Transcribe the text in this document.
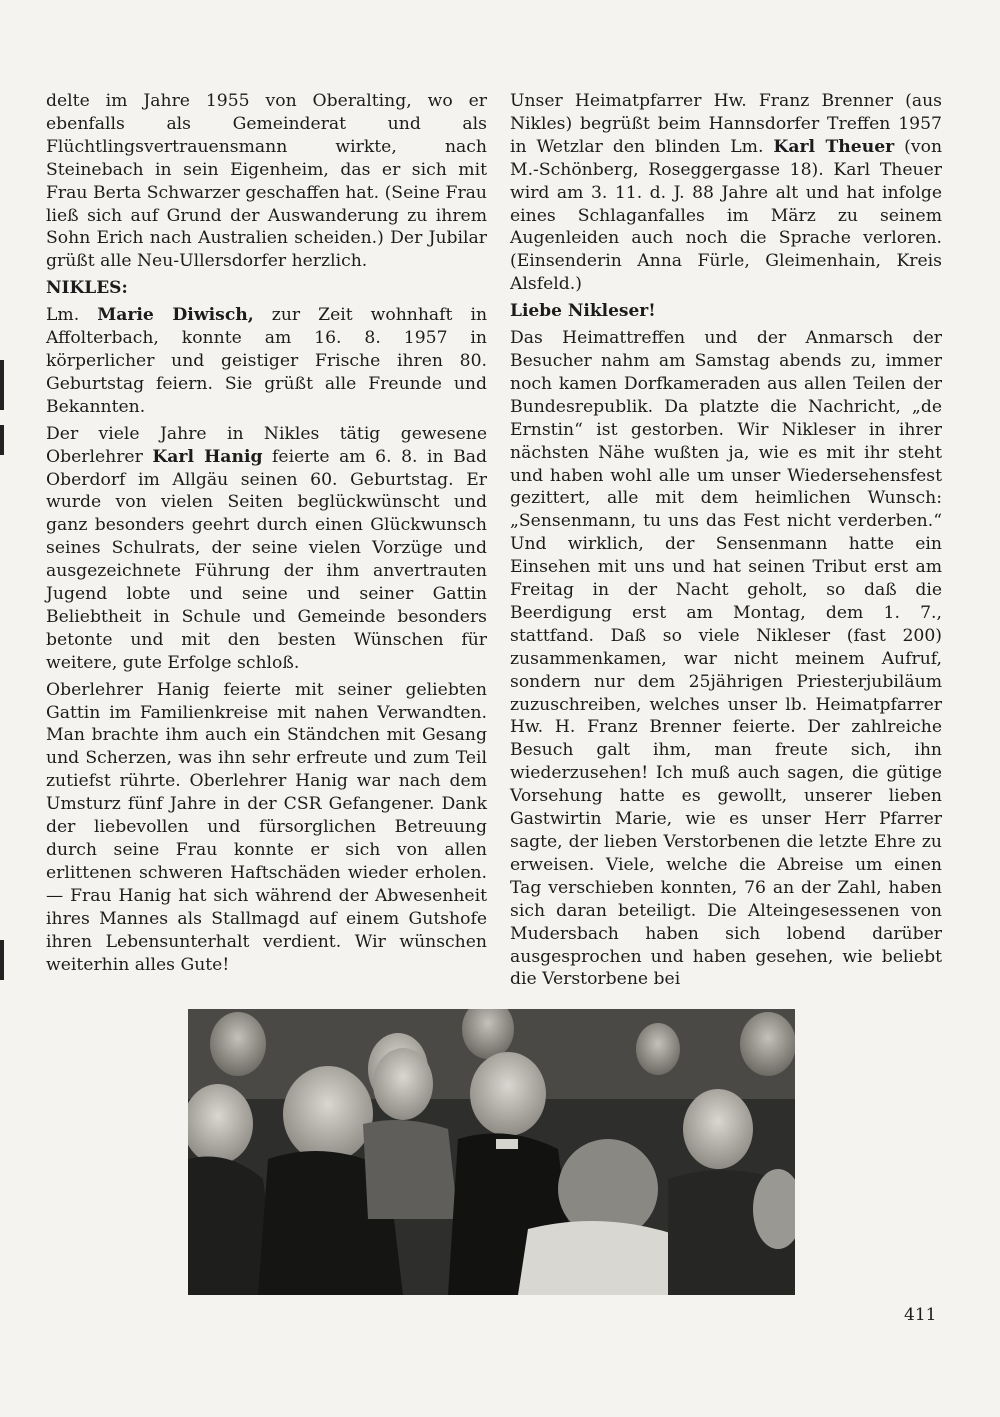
delte im Jahre 1955 von Oberalting, wo er ebenfalls als Gemeinderat und als Flüchtlingsvertrauensmann wirkte, nach Steinebach in sein Eigenheim, das er sich mit Frau Berta Schwarzer geschaffen hat. (Seine Frau ließ sich auf Grund der Auswanderung zu ihrem Sohn Erich nach Australien scheiden.) Der Jubilar grüßt alle Neu-Ullersdorfer herzlich.

NIKLES:

Lm. Marie Diwisch, zur Zeit wohnhaft in Affolterbach, konnte am 16. 8. 1957 in körperlicher und geistiger Frische ihren 80. Geburtstag feiern. Sie grüßt alle Freunde und Bekannten.

Der viele Jahre in Nikles tätig gewesene Oberlehrer Karl Hanig feierte am 6. 8. in Bad Oberdorf im Allgäu seinen 60. Geburtstag. Er wurde von vielen Seiten beglückwünscht und ganz besonders geehrt durch einen Glückwunsch seines Schulrats, der seine vielen Vorzüge und ausgezeichnete Führung der ihm anvertrauten Jugend lobte und seine und seiner Gattin Beliebtheit in Schule und Gemeinde besonders betonte und mit den besten Wünschen für weitere, gute Erfolge schloß.

Oberlehrer Hanig feierte mit seiner geliebten Gattin im Familienkreise mit nahen Verwandten. Man brachte ihm auch ein Ständchen mit Gesang und Scherzen, was ihn sehr erfreute und zum Teil zutiefst rührte. Oberlehrer Hanig war nach dem Umsturz fünf Jahre in der CSR Gefangener. Dank der liebevollen und fürsorglichen Betreuung durch seine Frau konnte er sich von allen erlittenen schweren Haftschäden wieder erholen. — Frau Hanig hat sich während der Abwesenheit ihres Mannes als Stallmagd auf einem Gutshofe ihren Lebensunterhalt verdient. Wir wünschen weiterhin alles Gute!

Unser Heimatpfarrer Hw. Franz Brenner (aus Nikles) begrüßt beim Hannsdorfer Treffen 1957 in Wetzlar den blinden Lm. Karl Theuer (von M.-Schönberg, Roseggergasse 18). Karl Theuer wird am 3. 11. d. J. 88 Jahre alt und hat infolge eines Schlaganfalles im März zu seinem Augenleiden auch noch die Sprache verloren. (Einsenderin Anna Fürle, Gleimenhain, Kreis Alsfeld.)

Liebe Nikleser!

Das Heimattreffen und der Anmarsch der Besucher nahm am Samstag abends zu, immer noch kamen Dorfkameraden aus allen Teilen der Bundesrepublik. Da platzte die Nachricht, „de Ernstin“ ist gestorben. Wir Nikleser in ihrer nächsten Nähe wußten ja, wie es mit ihr steht und haben wohl alle um unser Wiedersehensfest gezittert, alle mit dem heimlichen Wunsch: „Sensenmann, tu uns das Fest nicht verderben.“ Und wirklich, der Sensenmann hatte ein Einsehen mit uns und hat seinen Tribut erst am Freitag in der Nacht geholt, so daß die Beerdigung erst am Montag, dem 1. 7., stattfand. Daß so viele Nikleser (fast 200) zusammenkamen, war nicht meinem Aufruf, sondern nur dem 25jährigen Priesterjubiläum zuzuschreiben, welches unser lb. Heimatpfarrer Hw. H. Franz Brenner feierte. Der zahlreiche Besuch galt ihm, man freute sich, ihn wiederzusehen! Ich muß auch sagen, die gütige Vorsehung hatte es gewollt, unserer lieben Gastwirtin Marie, wie es unser Herr Pfarrer sagte, der lieben Verstorbenen die letzte Ehre zu erweisen. Viele, welche die Abreise um einen Tag verschieben konnten, 76 an der Zahl, haben sich daran beteiligt. Die Alteingesessenen von Mudersbach haben sich lobend darüber ausgesprochen und haben gesehen, wie beliebt die Verstorbene bei

411
